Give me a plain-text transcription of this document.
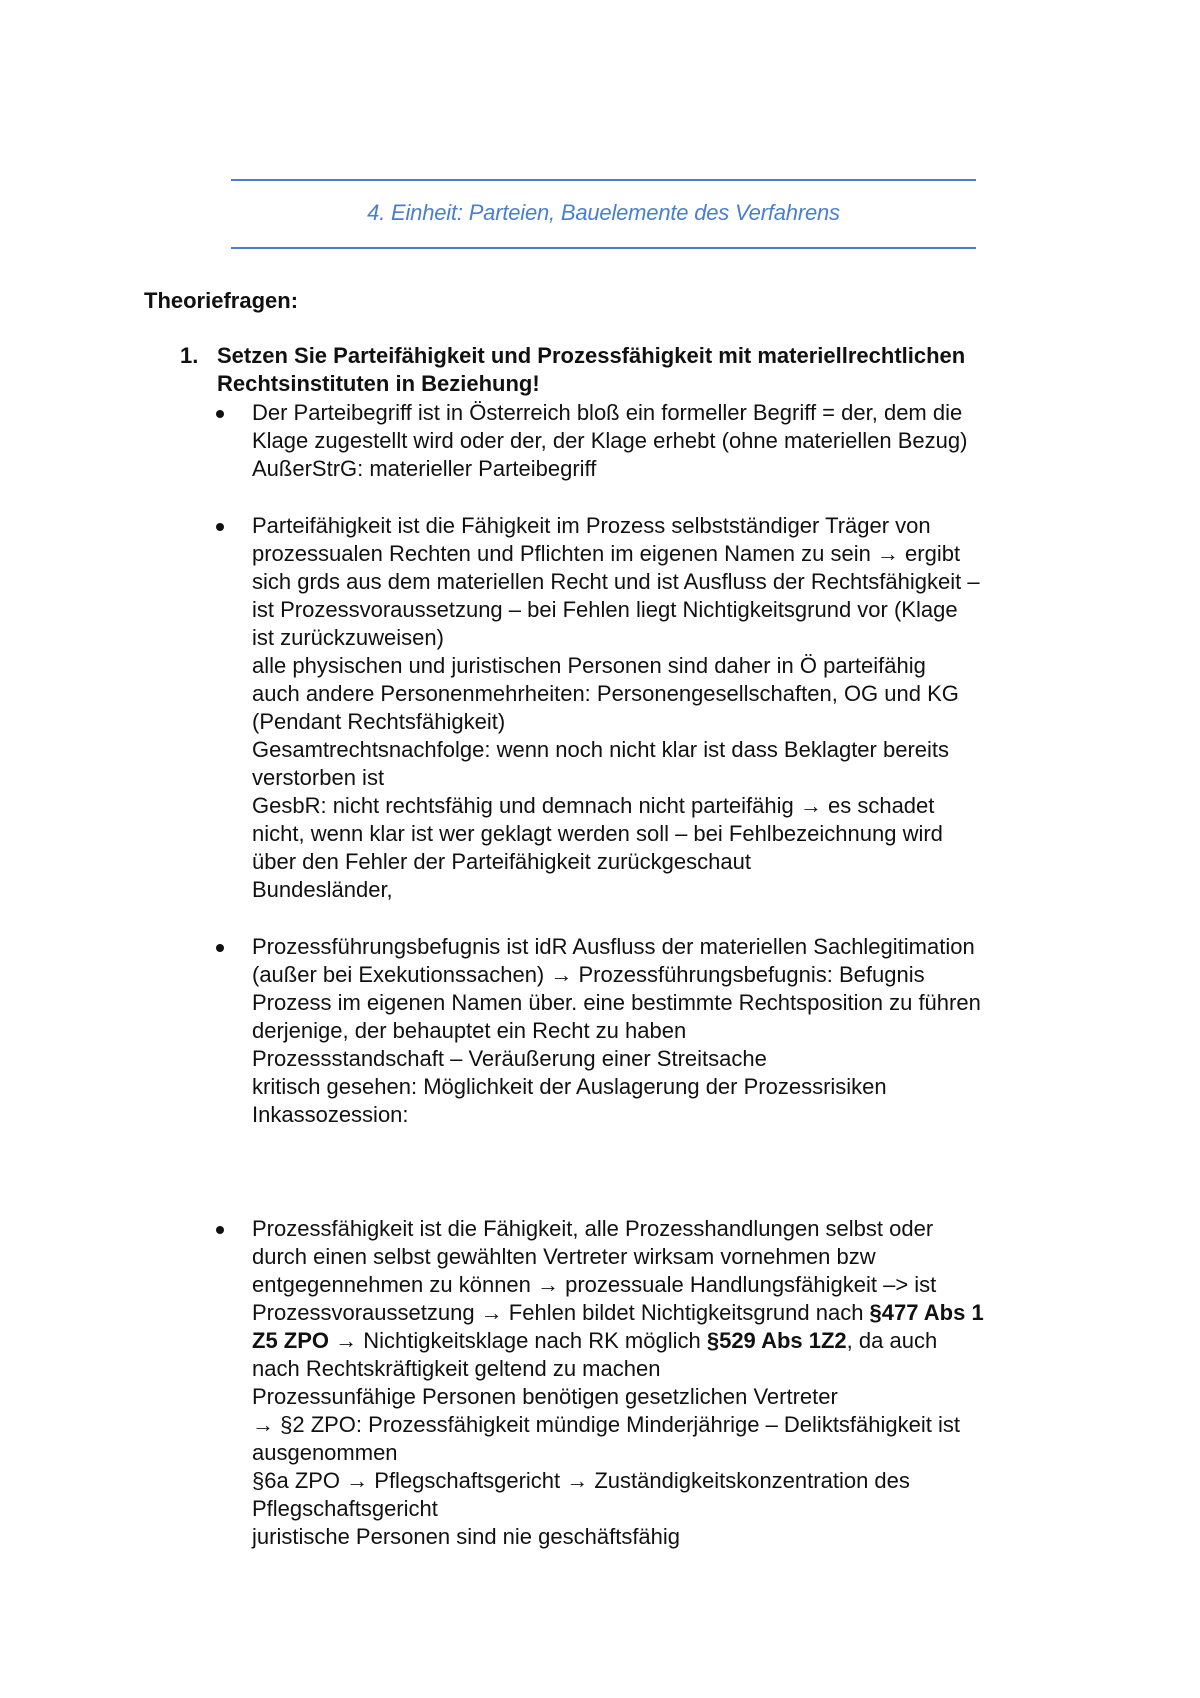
4. Einheit: Parteien, Bauelemente des Verfahrens
Theoriefragen:
1. Setzen Sie Parteifähigkeit und Prozessfähigkeit mit materiellrechtlichen
Rechtsinstituten in Beziehung!
Der Parteibegriff ist in Österreich bloß ein formeller Begriff = der, dem die
Klage zugestellt wird oder der, der Klage erhebt (ohne materiellen Bezug)
AußerStrG: materieller Parteibegriff
Parteifähigkeit ist die Fähigkeit im Prozess selbstständiger Träger von
prozessualen Rechten und Pflichten im eigenen Namen zu sein → ergibt
sich grds aus dem materiellen Recht und ist Ausfluss der Rechtsfähigkeit –
ist Prozessvoraussetzung – bei Fehlen liegt Nichtigkeitsgrund vor (Klage
ist zurückzuweisen)
alle physischen und juristischen Personen sind daher in Ö parteifähig
auch andere Personenmehrheiten: Personengesellschaften, OG und KG
(Pendant Rechtsfähigkeit)
Gesamtrechtsnachfolge: wenn noch nicht klar ist dass Beklagter bereits
verstorben ist
GesbR: nicht rechtsfähig und demnach nicht parteifähig → es schadet
nicht, wenn klar ist wer geklagt werden soll – bei Fehlbezeichnung wird
über den Fehler der Parteifähigkeit zurückgeschaut
Bundesländer,
Prozessführungsbefugnis ist idR Ausfluss der materiellen Sachlegitimation
(außer bei Exekutionssachen) → Prozessführungsbefugnis: Befugnis
Prozess im eigenen Namen über. eine bestimmte Rechtsposition zu führen
derjenige, der behauptet ein Recht zu haben
Prozessstandschaft – Veräußerung einer Streitsache
kritisch gesehen: Möglichkeit der Auslagerung der Prozessrisiken
Inkassozession:
Prozessfähigkeit ist die Fähigkeit, alle Prozesshandlungen selbst oder
durch einen selbst gewählten Vertreter wirksam vornehmen bzw
entgegennehmen zu können → prozessuale Handlungsfähigkeit –> ist
Prozessvoraussetzung → Fehlen bildet Nichtigkeitsgrund nach §477 Abs 1
Z5 ZPO → Nichtigkeitsklage nach RK möglich §529 Abs 1Z2, da auch
nach Rechtskräftigkeit geltend zu machen
Prozessunfähige Personen benötigen gesetzlichen Vertreter
→ §2 ZPO: Prozessfähigkeit mündige Minderjährige – Deliktsfähigkeit ist
ausgenommen
§6a ZPO → Pflegschaftsgericht → Zuständigkeitskonzentration des
Pflegschaftsgericht
juristische Personen sind nie geschäftsfähig
